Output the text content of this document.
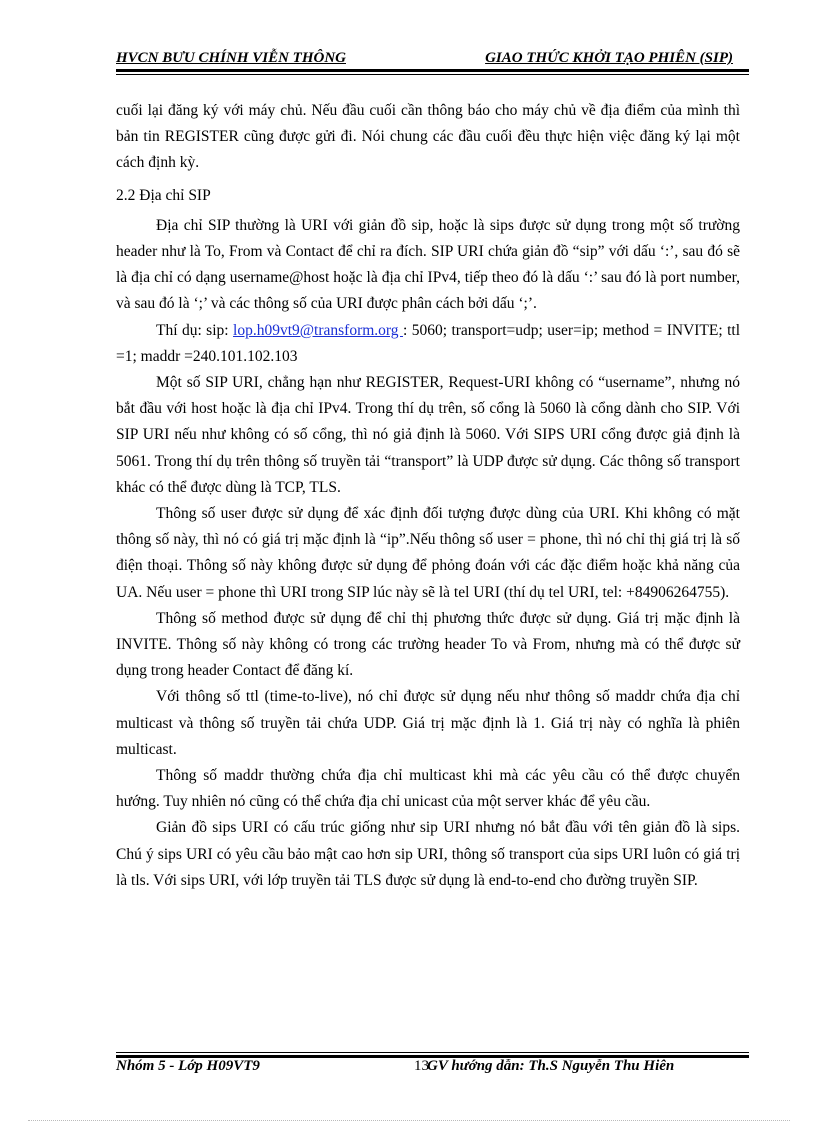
HVCN BƯU CHÍNH VIỄN THÔNG	GIAO THỨC KHỞI TẠO PHIÊN (SIP)

cuối lại đăng ký với máy chủ. Nếu đầu cuối cần thông báo cho máy chủ về địa điểm của mình thì bản tin REGISTER cũng được gửi đi. Nói chung các đầu cuối đều thực hiện việc đăng ký lại một cách định kỳ.

2.2 Địa chỉ SIP

Địa chỉ SIP thường là URI với giản đồ sip, hoặc là sips được sử dụng trong một số trường header như là To, From và Contact để chỉ ra đích. SIP URI chứa giản đồ “sip” với dấu ‘:’, sau đó sẽ là địa chỉ có dạng username@host hoặc là địa chỉ IPv4, tiếp theo đó là dấu ‘:’ sau đó là port number, và sau đó là ‘;’ và các thông số của URI được phân cách bởi dấu ‘;’.

Thí dụ: sip: lop.h09vt9@transform.org : 5060; transport=udp; user=ip; method = INVITE; ttl =1; maddr =240.101.102.103

Một số SIP URI, chẳng hạn như REGISTER, Request-URI không có “username”, nhưng nó bắt đầu với host hoặc là địa chỉ IPv4. Trong thí dụ trên, số cổng là 5060 là cổng dành cho SIP. Với SIP URI nếu như không có số cổng, thì nó giả định là 5060. Với SIPS URI cổng được giả định là 5061. Trong thí dụ trên thông số truyền tải “transport” là UDP được sử dụng. Các thông số transport khác có thể được dùng là TCP, TLS.

Thông số user được sử dụng để xác định đối tượng được dùng của URI. Khi không có mặt thông số này, thì nó có giá trị mặc định là “ip”.Nếu thông số user = phone, thì nó chỉ thị giá trị là số điện thoại. Thông số này không được sử dụng để phỏng đoán với các đặc điểm hoặc khả năng của UA. Nếu user = phone thì URI trong SIP lúc này sẽ là tel URI (thí dụ tel URI, tel: +84906264755).

Thông số method được sử dụng để chỉ thị phương thức được sử dụng. Giá trị mặc định là INVITE. Thông số này không có trong các trường header To và From, nhưng mà có thể được sử dụng trong header Contact để đăng kí.

Với thông số ttl (time-to-live), nó chỉ được sử dụng nếu như thông số maddr chứa địa chỉ multicast và thông số truyền tải chứa UDP. Giá trị mặc định là 1. Giá trị này có nghĩa là phiên multicast.

Thông số maddr thường chứa địa chỉ multicast khi mà các yêu cầu có thể được chuyển hướng. Tuy nhiên nó cũng có thể chứa địa chỉ unicast của một server khác để yêu cầu.

Giản đồ sips URI có cấu trúc giống như sip URI nhưng nó bắt đầu với tên giản đồ là sips. Chú ý sips URI có yêu cầu bảo mật cao hơn sip URI, thông số transport của sips URI luôn có giá trị là tls. Với sips URI, với lớp truyền tải TLS được sử dụng là end-to-end cho đường truyền SIP.

Nhóm 5 - Lớp H09VT9	13
GV hướng dẫn: Th.S Nguyễn Thu Hiên
